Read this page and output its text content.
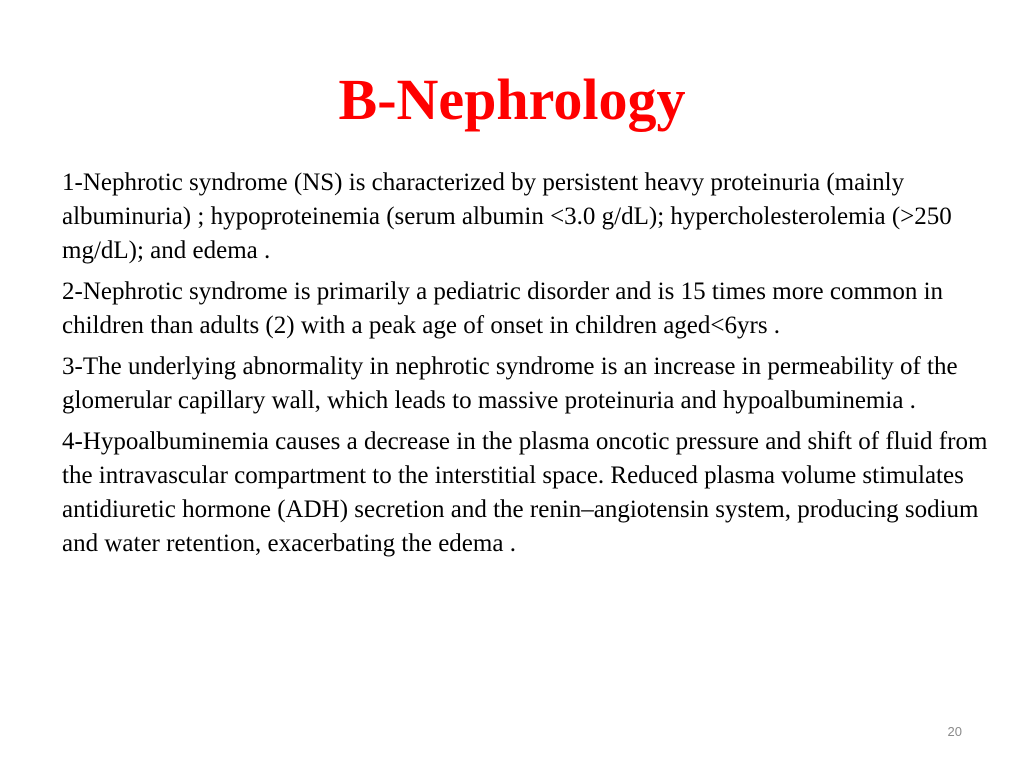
B-Nephrology

1-Nephrotic syndrome (NS) is characterized by persistent heavy proteinuria (mainly albuminuria) ; hypoproteinemia (serum albumin <3.0 g/dL); hypercholesterolemia (>250 mg/dL); and edema .

2-Nephrotic syndrome is primarily a pediatric disorder and is 15 times more common in children than adults (2) with a peak age of onset in children aged<6yrs .

3-The underlying abnormality in nephrotic syndrome is an increase in permeability of the glomerular capillary wall, which leads to massive proteinuria and hypoalbuminemia .

4-Hypoalbuminemia causes a decrease in the plasma oncotic pressure and shift of fluid from the intravascular compartment to the interstitial space. Reduced plasma volume stimulates antidiuretic hormone (ADH) secretion and the renin–angiotensin system, producing sodium and water retention, exacerbating the edema .

20
